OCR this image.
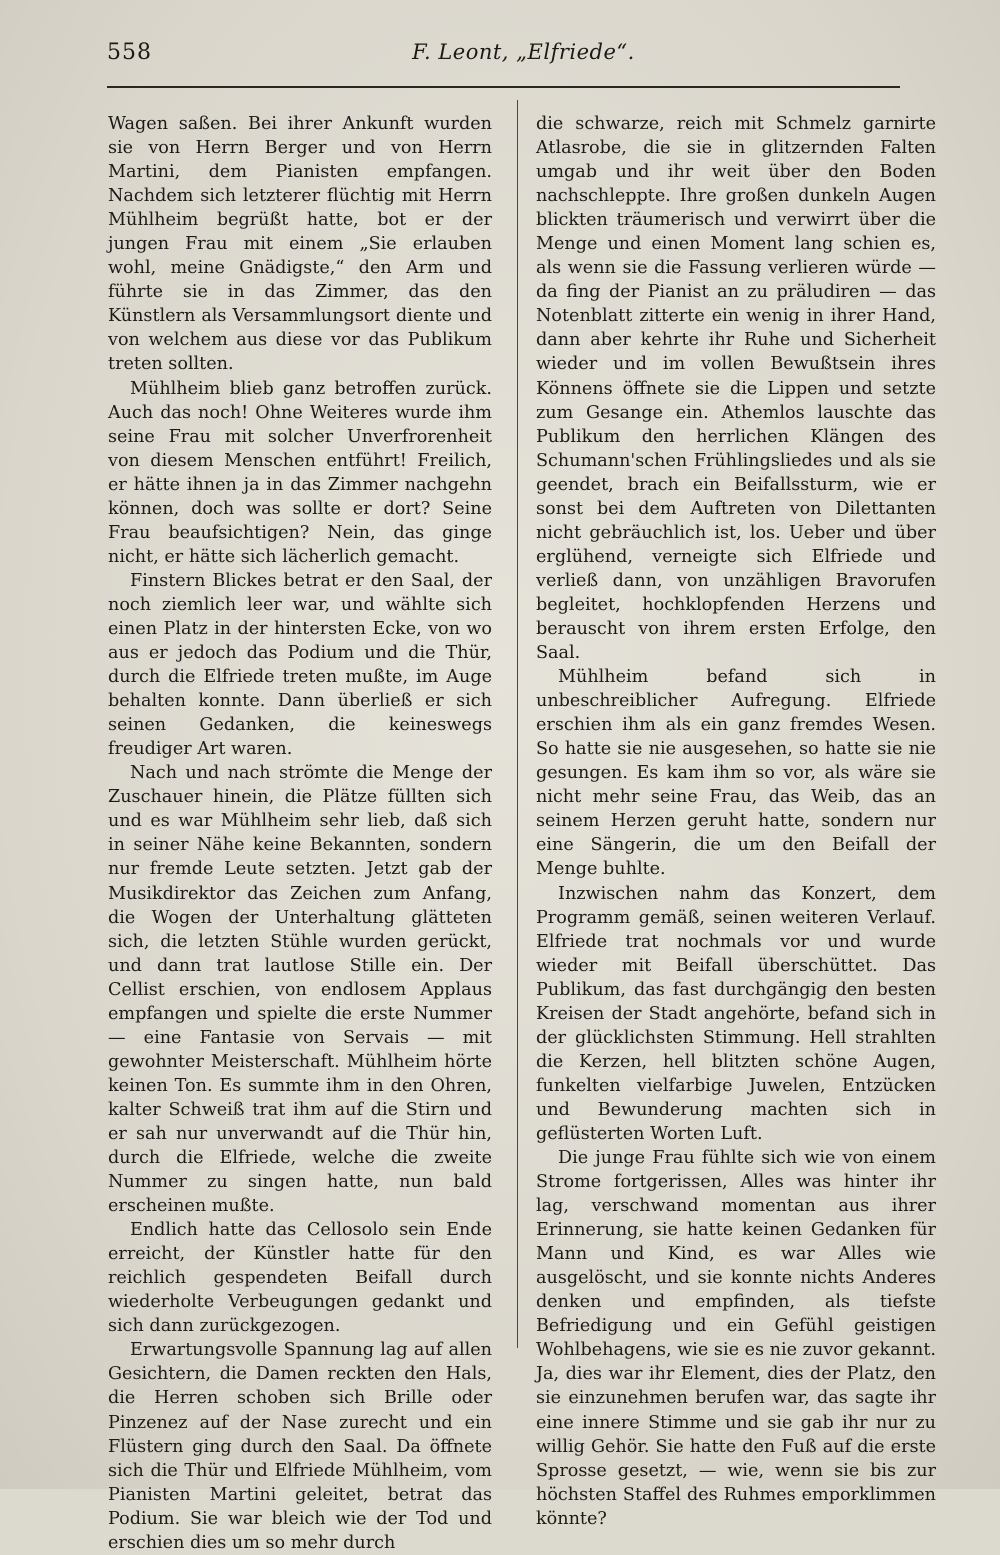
558	F. Leont, „Elfriede“.

Wagen saßen. Bei ihrer Ankunft wurden sie von Herrn Berger und von Herrn Martini, dem Pianisten empfangen. Nachdem sich letzterer flüchtig mit Herrn Mühlheim begrüßt hatte, bot er der jungen Frau mit einem „Sie erlauben wohl, meine Gnädigste,“ den Arm und führte sie in das Zimmer, das den Künstlern als Versammlungsort diente und von welchem aus diese vor das Publikum treten sollten.

Mühlheim blieb ganz betroffen zurück. Auch das noch! Ohne Weiteres wurde ihm seine Frau mit solcher Unverfrorenheit von diesem Menschen entführt! Freilich, er hätte ihnen ja in das Zimmer nachgehn können, doch was sollte er dort? Seine Frau beaufsichtigen? Nein, das ginge nicht, er hätte sich lächerlich gemacht.

Finstern Blickes betrat er den Saal, der noch ziemlich leer war, und wählte sich einen Platz in der hintersten Ecke, von wo aus er jedoch das Podium und die Thür, durch die Elfriede treten mußte, im Auge behalten konnte. Dann überließ er sich seinen Gedanken, die keineswegs freudiger Art waren.

Nach und nach strömte die Menge der Zuschauer hinein, die Plätze füllten sich und es war Mühlheim sehr lieb, daß sich in seiner Nähe keine Bekannten, sondern nur fremde Leute setzten. Jetzt gab der Musikdirektor das Zeichen zum Anfang, die Wogen der Unterhaltung glätteten sich, die letzten Stühle wurden gerückt, und dann trat lautlose Stille ein. Der Cellist erschien, von endlosem Applaus empfangen und spielte die erste Nummer — eine Fantasie von Servais — mit gewohnter Meisterschaft. Mühlheim hörte keinen Ton. Es summte ihm in den Ohren, kalter Schweiß trat ihm auf die Stirn und er sah nur unverwandt auf die Thür hin, durch die Elfriede, welche die zweite Nummer zu singen hatte, nun bald erscheinen mußte.

Endlich hatte das Cellosolo sein Ende erreicht, der Künstler hatte für den reichlich gespendeten Beifall durch wiederholte Verbeugungen gedankt und sich dann zurückgezogen.

Erwartungsvolle Spannung lag auf allen Gesichtern, die Damen reckten den Hals, die Herren schoben sich Brille oder Pinzenez auf der Nase zurecht und ein Flüstern ging durch den Saal. Da öffnete sich die Thür und Elfriede Mühlheim, vom Pianisten Martini geleitet, betrat das Podium. Sie war bleich wie der Tod und erschien dies um so mehr durch

die schwarze, reich mit Schmelz garnirte Atlasrobe, die sie in glitzernden Falten umgab und ihr weit über den Boden nachschleppte. Ihre großen dunkeln Augen blickten träumerisch und verwirrt über die Menge und einen Moment lang schien es, als wenn sie die Fassung verlieren würde — da fing der Pianist an zu präludiren — das Notenblatt zitterte ein wenig in ihrer Hand, dann aber kehrte ihr Ruhe und Sicherheit wieder und im vollen Bewußtsein ihres Könnens öffnete sie die Lippen und setzte zum Gesange ein. Athemlos lauschte das Publikum den herrlichen Klängen des Schumann'schen Frühlingsliedes und als sie geendet, brach ein Beifallssturm, wie er sonst bei dem Auftreten von Dilettanten nicht gebräuchlich ist, los. Ueber und über erglühend, verneigte sich Elfriede und verließ dann, von unzähligen Bravorufen begleitet, hochklopfenden Herzens und berauscht von ihrem ersten Erfolge, den Saal.

Mühlheim befand sich in unbeschreiblicher Aufregung. Elfriede erschien ihm als ein ganz fremdes Wesen. So hatte sie nie ausgesehen, so hatte sie nie gesungen. Es kam ihm so vor, als wäre sie nicht mehr seine Frau, das Weib, das an seinem Herzen geruht hatte, sondern nur eine Sängerin, die um den Beifall der Menge buhlte.

Inzwischen nahm das Konzert, dem Programm gemäß, seinen weiteren Verlauf. Elfriede trat nochmals vor und wurde wieder mit Beifall überschüttet. Das Publikum, das fast durchgängig den besten Kreisen der Stadt angehörte, befand sich in der glücklichsten Stimmung. Hell strahlten die Kerzen, hell blitzten schöne Augen, funkelten vielfarbige Juwelen, Entzücken und Bewunderung machten sich in geflüsterten Worten Luft.

Die junge Frau fühlte sich wie von einem Strome fortgerissen, Alles was hinter ihr lag, verschwand momentan aus ihrer Erinnerung, sie hatte keinen Gedanken für Mann und Kind, es war Alles wie ausgelöscht, und sie konnte nichts Anderes denken und empfinden, als tiefste Befriedigung und ein Gefühl geistigen Wohlbehagens, wie sie es nie zuvor gekannt. Ja, dies war ihr Element, dies der Platz, den sie einzunehmen berufen war, das sagte ihr eine innere Stimme und sie gab ihr nur zu willig Gehör. Sie hatte den Fuß auf die erste Sprosse gesetzt, — wie, wenn sie bis zur höchsten Staffel des Ruhmes emporklimmen könnte?
